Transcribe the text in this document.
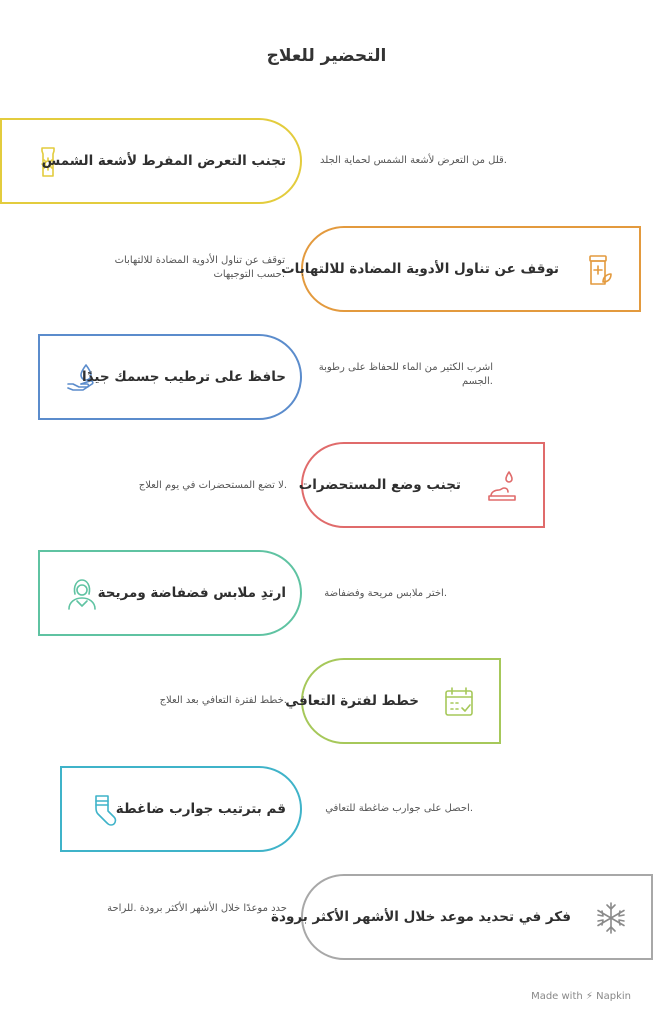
التحضير للعلاج
تجنب التعرض المفرط لأشعة الشمس	.قلل من التعرض لأشعة الشمس لحماية الجلد
توقف عن تناول الأدوية المضادة للالتهابات
توقف عن تناول الأدوية المضادة للالتهابات .حسب التوجيهات
حافظ على ترطيب جسمك جيدًا
اشرب الكثير من الماء للحفاظ على رطوبة .الجسم
تجنب وضع المستحضرات
.لا تضع المستحضرات في يوم العلاج
ارتدِ ملابس فضفاضة ومريحة	.اختر ملابس مريحة وفضفاضة
خطط لفترة التعافي
.خطط لفترة التعافي بعد العلاج
قم بترتيب جوارب ضاغطة	.احصل على جوارب ضاغطة للتعافي
فكر في تحديد موعد خلال الأشهر الأكثر برودة
حدد موعدًا خلال الأشهر الأكثر برودة .للراحة
Made with ⚡ Napkin
